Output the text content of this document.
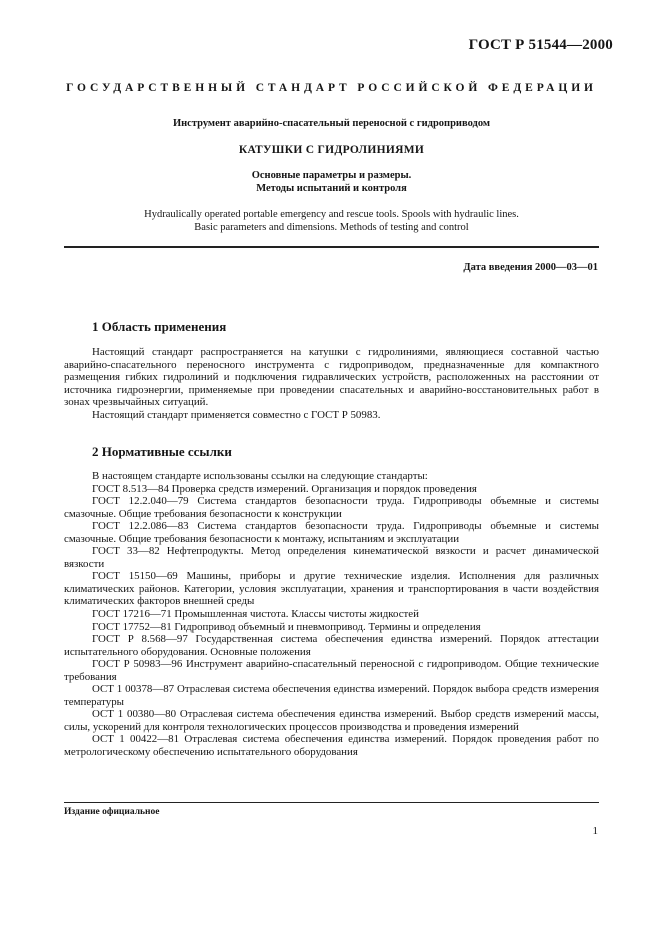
ГОСТ Р 51544—2000
ГОСУДАРСТВЕННЫЙ СТАНДАРТ РОССИЙСКОЙ ФЕДЕРАЦИИ
Инструмент аварийно-спасательный переносной с гидроприводом
КАТУШКИ С ГИДРОЛИНИЯМИ
Основные параметры и размеры.
Методы испытаний и контроля
Hydraulically operated portable emergency and rescue tools. Spools with hydraulic lines.
Basic parameters and dimensions. Methods of testing and control
Дата введения 2000—03—01
1 Область применения

Настоящий стандарт распространяется на катушки с гидролиниями, являющиеся составной частью аварийно-спасательного переносного инструмента с гидроприводом, предназначенные для компактного размещения гибких гидролиний и подключения гидравлических устройств, расположенных на расстоянии от источника гидроэнергии, применяемые при проведении спасательных и аварийно-восстановительных работ в зонах чрезвычайных ситуаций.

Настоящий стандарт применяется совместно с ГОСТ Р 50983.

2 Нормативные ссылки

В настоящем стандарте использованы ссылки на следующие стандарты:

ГОСТ 8.513—84 Проверка средств измерений. Организация и порядок проведения

ГОСТ 12.2.040—79 Система стандартов безопасности труда. Гидроприводы объемные и системы смазочные. Общие требования безопасности к конструкции

ГОСТ 12.2.086—83 Система стандартов безопасности труда. Гидроприводы объемные и системы смазочные. Общие требования безопасности к монтажу, испытаниям и эксплуатации

ГОСТ 33—82 Нефтепродукты. Метод определения кинематической вязкости и расчет динамической вязкости

ГОСТ 15150—69 Машины, приборы и другие технические изделия. Исполнения для различных климатических районов. Категории, условия эксплуатации, хранения и транспортирования в части воздействия климатических факторов внешней среды

ГОСТ 17216—71 Промышленная чистота. Классы чистоты жидкостей

ГОСТ 17752—81 Гидропривод объемный и пневмопривод. Термины и определения

ГОСТ Р 8.568—97 Государственная система обеспечения единства измерений. Порядок аттестации испытательного оборудования. Основные положения

ГОСТ Р 50983—96 Инструмент аварийно-спасательный переносной с гидроприводом. Общие технические требования

ОСТ 1 00378—87 Отраслевая система обеспечения единства измерений. Порядок выбора средств измерения температуры

ОСТ 1 00380—80 Отраслевая система обеспечения единства измерений. Выбор средств измерений массы, силы, ускорений для контроля технологических процессов производства и проведения измерений

ОСТ 1 00422—81 Отраслевая система обеспечения единства измерений. Порядок проведения работ по метрологическому обеспечению испытательного оборудования

Издание официальное
1
